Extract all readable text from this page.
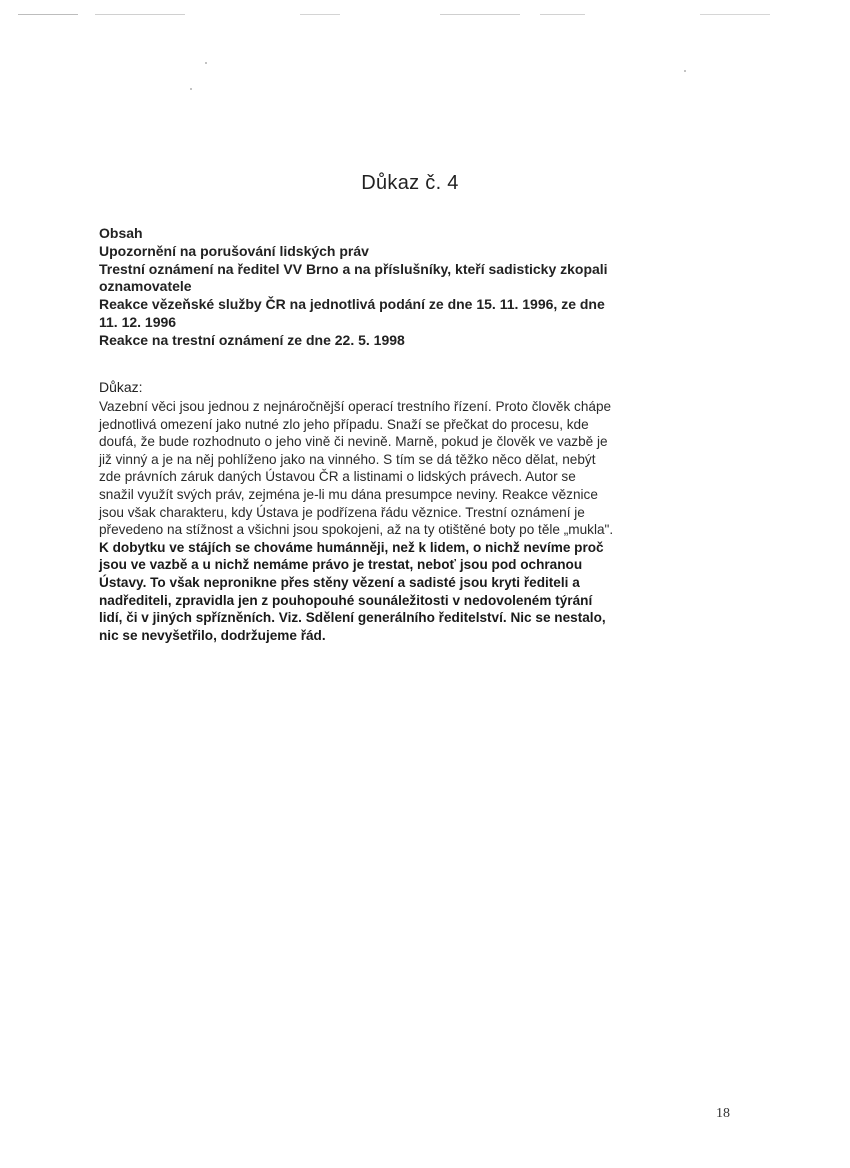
Důkaz č. 4
Obsah
Upozornění na porušování lidských práv
Trestní oznámení na ředitel VV Brno a na příslušníky, kteří sadisticky zkopali
oznamovatele
Reakce vězeňské služby ČR na jednotlivá podání ze dne 15. 11. 1996, ze dne
11. 12. 1996
Reakce na trestní oznámení ze dne 22. 5. 1998
Důkaz:
Vazební věci jsou jednou z nejnáročnější operací trestního řízení. Proto člověk chápe
jednotlivá omezení jako nutné zlo jeho případu. Snaží se přečkat do procesu, kde
doufá, že bude rozhodnuto o jeho vině či nevině. Marně, pokud je člověk ve vazbě je
již vinný a je na něj pohlíženo jako na vinného. S tím se dá těžko něco dělat, nebýt
zde právních záruk daných Ústavou ČR a listinami o lidských právech. Autor se
snažil využít svých práv, zejména je-li mu dána presumpce neviny. Reakce věznice
jsou však charakteru, kdy Ústava je podřízena řádu věznice. Trestní oznámení je
převedeno na stížnost a všichni jsou spokojeni, až na ty otištěné boty po těle „mukla".
K dobytku ve stájích se chováme humánněji, než k lidem, o nichž nevíme proč
jsou ve vazbě a u nichž nemáme právo je trestat, neboť jsou pod ochranou
Ústavy. To však nepronikne přes stěny vězení a sadisté jsou kryti řediteli a
nadřediteli, zpravidla jen z pouhopouhé sounáležitosti v nedovoleném týrání
lidí, či v jiných spřízněních. Viz. Sdělení generálního ředitelství. Nic se nestalo,
nic se nevyšetřilo, dodržujeme řád.
18
